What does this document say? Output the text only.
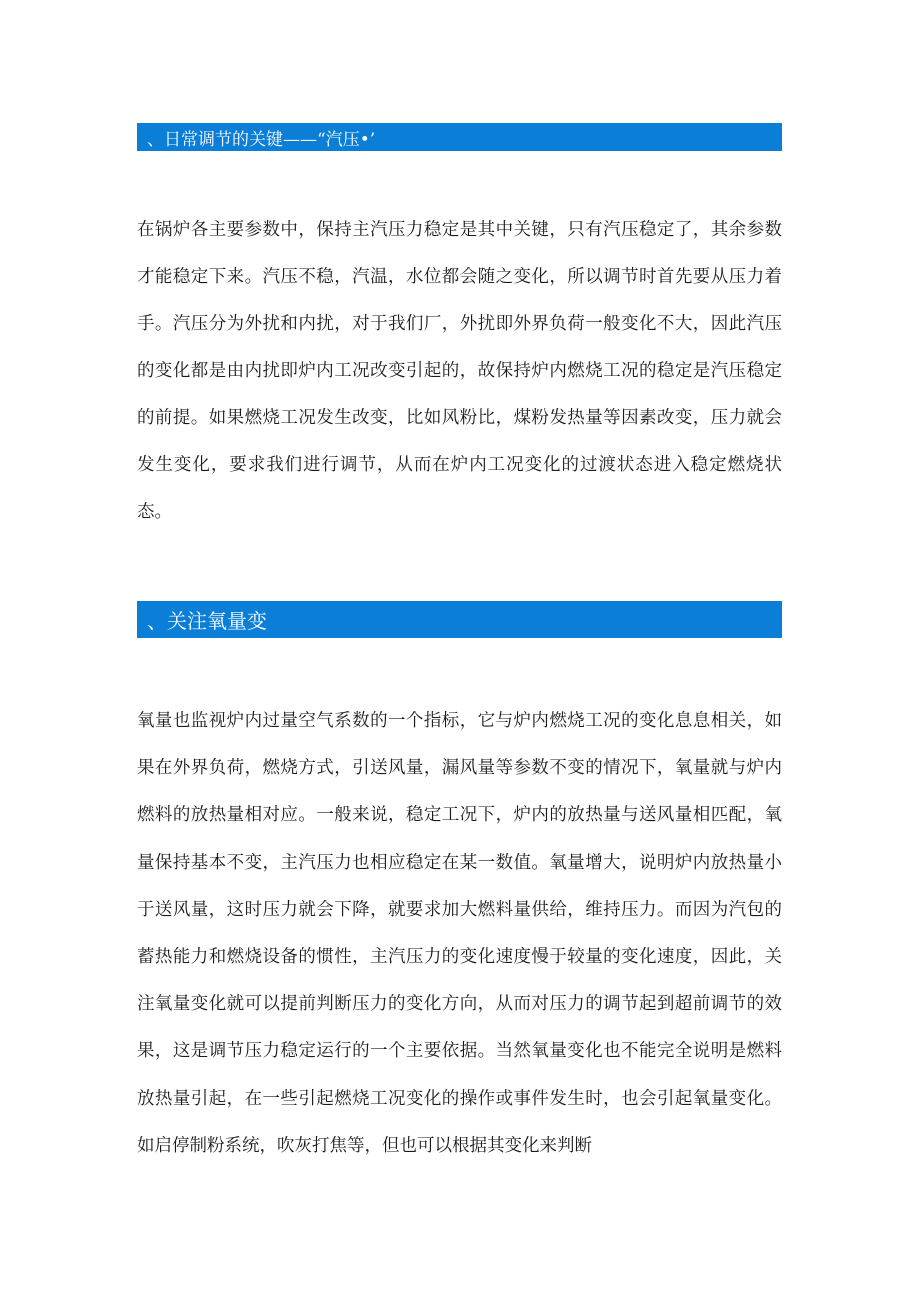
、日常调节的关键——“汽压•’

在锅炉各主要参数中，保持主汽压力稳定是其中关键，只有汽压稳定了，其余参数才能稳定下来。汽压不稳，汽温，水位都会随之变化，所以调节时首先要从压力着手。汽压分为外扰和内扰，对于我们厂，外扰即外界负荷一般变化不大，因此汽压的变化都是由内扰即炉内工况改变引起的，故保持炉内燃烧工况的稳定是汽压稳定的前提。如果燃烧工况发生改变，比如风粉比，煤粉发热量等因素改变，压力就会发生变化，要求我们进行调节，从而在炉内工况变化的过渡状态进入稳定燃烧状态。

、关注氧量变

氧量也监视炉内过量空气系数的一个指标，它与炉内燃烧工况的变化息息相关，如果在外界负荷，燃烧方式，引送风量，漏风量等参数不变的情况下，氧量就与炉内燃料的放热量相对应。一般来说，稳定工况下，炉内的放热量与送风量相匹配，氧量保持基本不变，主汽压力也相应稳定在某一数值。氧量增大，说明炉内放热量小于送风量，这时压力就会下降，就要求加大燃料量供给，维持压力。而因为汽包的蓄热能力和燃烧设备的惯性，主汽压力的变化速度慢于较量的变化速度，因此，关注氧量变化就可以提前判断压力的变化方向，从而对压力的调节起到超前调节的效果，这是调节压力稳定运行的一个主要依据。当然氧量变化也不能完全说明是燃料放热量引起，在一些引起燃烧工况变化的操作或事件发生时，也会引起氧量变化。如启停制粉系统，吹灰打焦等，但也可以根据其变化来判断
